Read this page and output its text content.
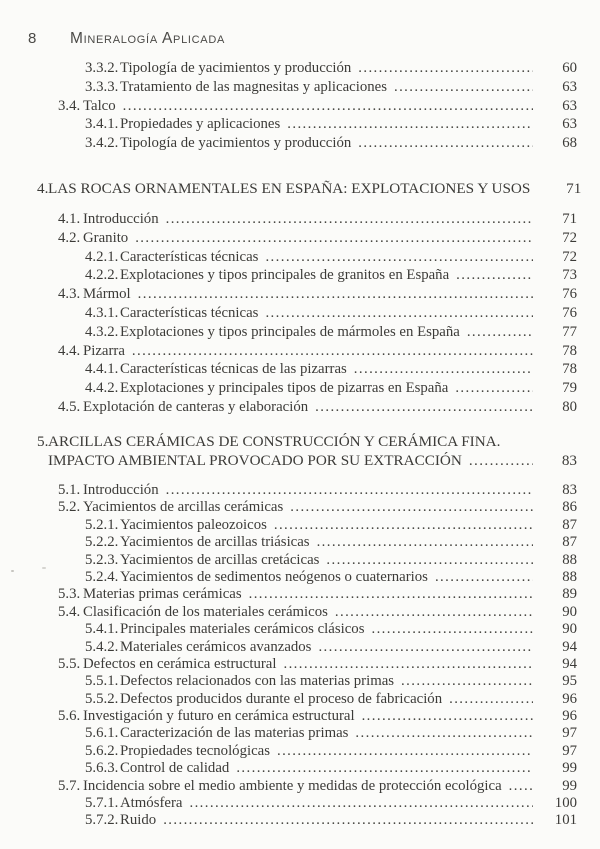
8 Mineralogía Aplicada
3.3.2. Tipología de yacimientos y producción .....	60
3.3.3. Tratamiento de las magnesitas y aplicaciones .....	63
3.4. Talco .....	63
3.4.1. Propiedades y aplicaciones .....	63
3.4.2. Tipología de yacimientos y producción .....	68
4. LAS ROCAS ORNAMENTALES EN ESPAÑA: EXPLOTACIONES Y USOS	71
4.1. Introducción .....	71
4.2. Granito .....	72
4.2.1. Características técnicas .....	72
4.2.2. Explotaciones y tipos principales de granitos en España .....	73
4.3. Mármol .....	76
4.3.1. Características técnicas .....	76
4.3.2. Explotaciones y tipos principales de mármoles en España .....	77
4.4. Pizarra .....	78
4.4.1. Características técnicas de las pizarras .....	78
4.4.2. Explotaciones y principales tipos de pizarras en España .....	79
4.5. Explotación de canteras y elaboración .....	80
5. ARCILLAS CERÁMICAS DE CONSTRUCCIÓN Y CERÁMICA FINA.
IMPACTO AMBIENTAL PROVOCADO POR SU EXTRACCIÓN .....	83
5.1. Introducción .....	83
5.2. Yacimientos de arcillas cerámicas .....	86
5.2.1. Yacimientos paleozoicos .....	87
5.2.2. Yacimientos de arcillas triásicas .....	87
5.2.3. Yacimientos de arcillas cretácicas .....	88
5.2.4. Yacimientos de sedimentos neógenos o cuaternarios .....	88
5.3. Materias primas cerámicas .....	89
5.4. Clasificación de los materiales cerámicos .....	90
5.4.1. Principales materiales cerámicos clásicos .....	90
5.4.2. Materiales cerámicos avanzados .....	94
5.5. Defectos en cerámica estructural .....	94
5.5.1. Defectos relacionados con las materias primas .....	95
5.5.2. Defectos producidos durante el proceso de fabricación .....	96
5.6. Investigación y futuro en cerámica estructural .....	96
5.6.1. Caracterización de las materias primas .....	97
5.6.2. Propiedades tecnológicas .....	97
5.6.3. Control de calidad .....	99
5.7. Incidencia sobre el medio ambiente y medidas de protección ecológica .....	99
5.7.1. Atmósfera .....	100
5.7.2. Ruido .....	101
